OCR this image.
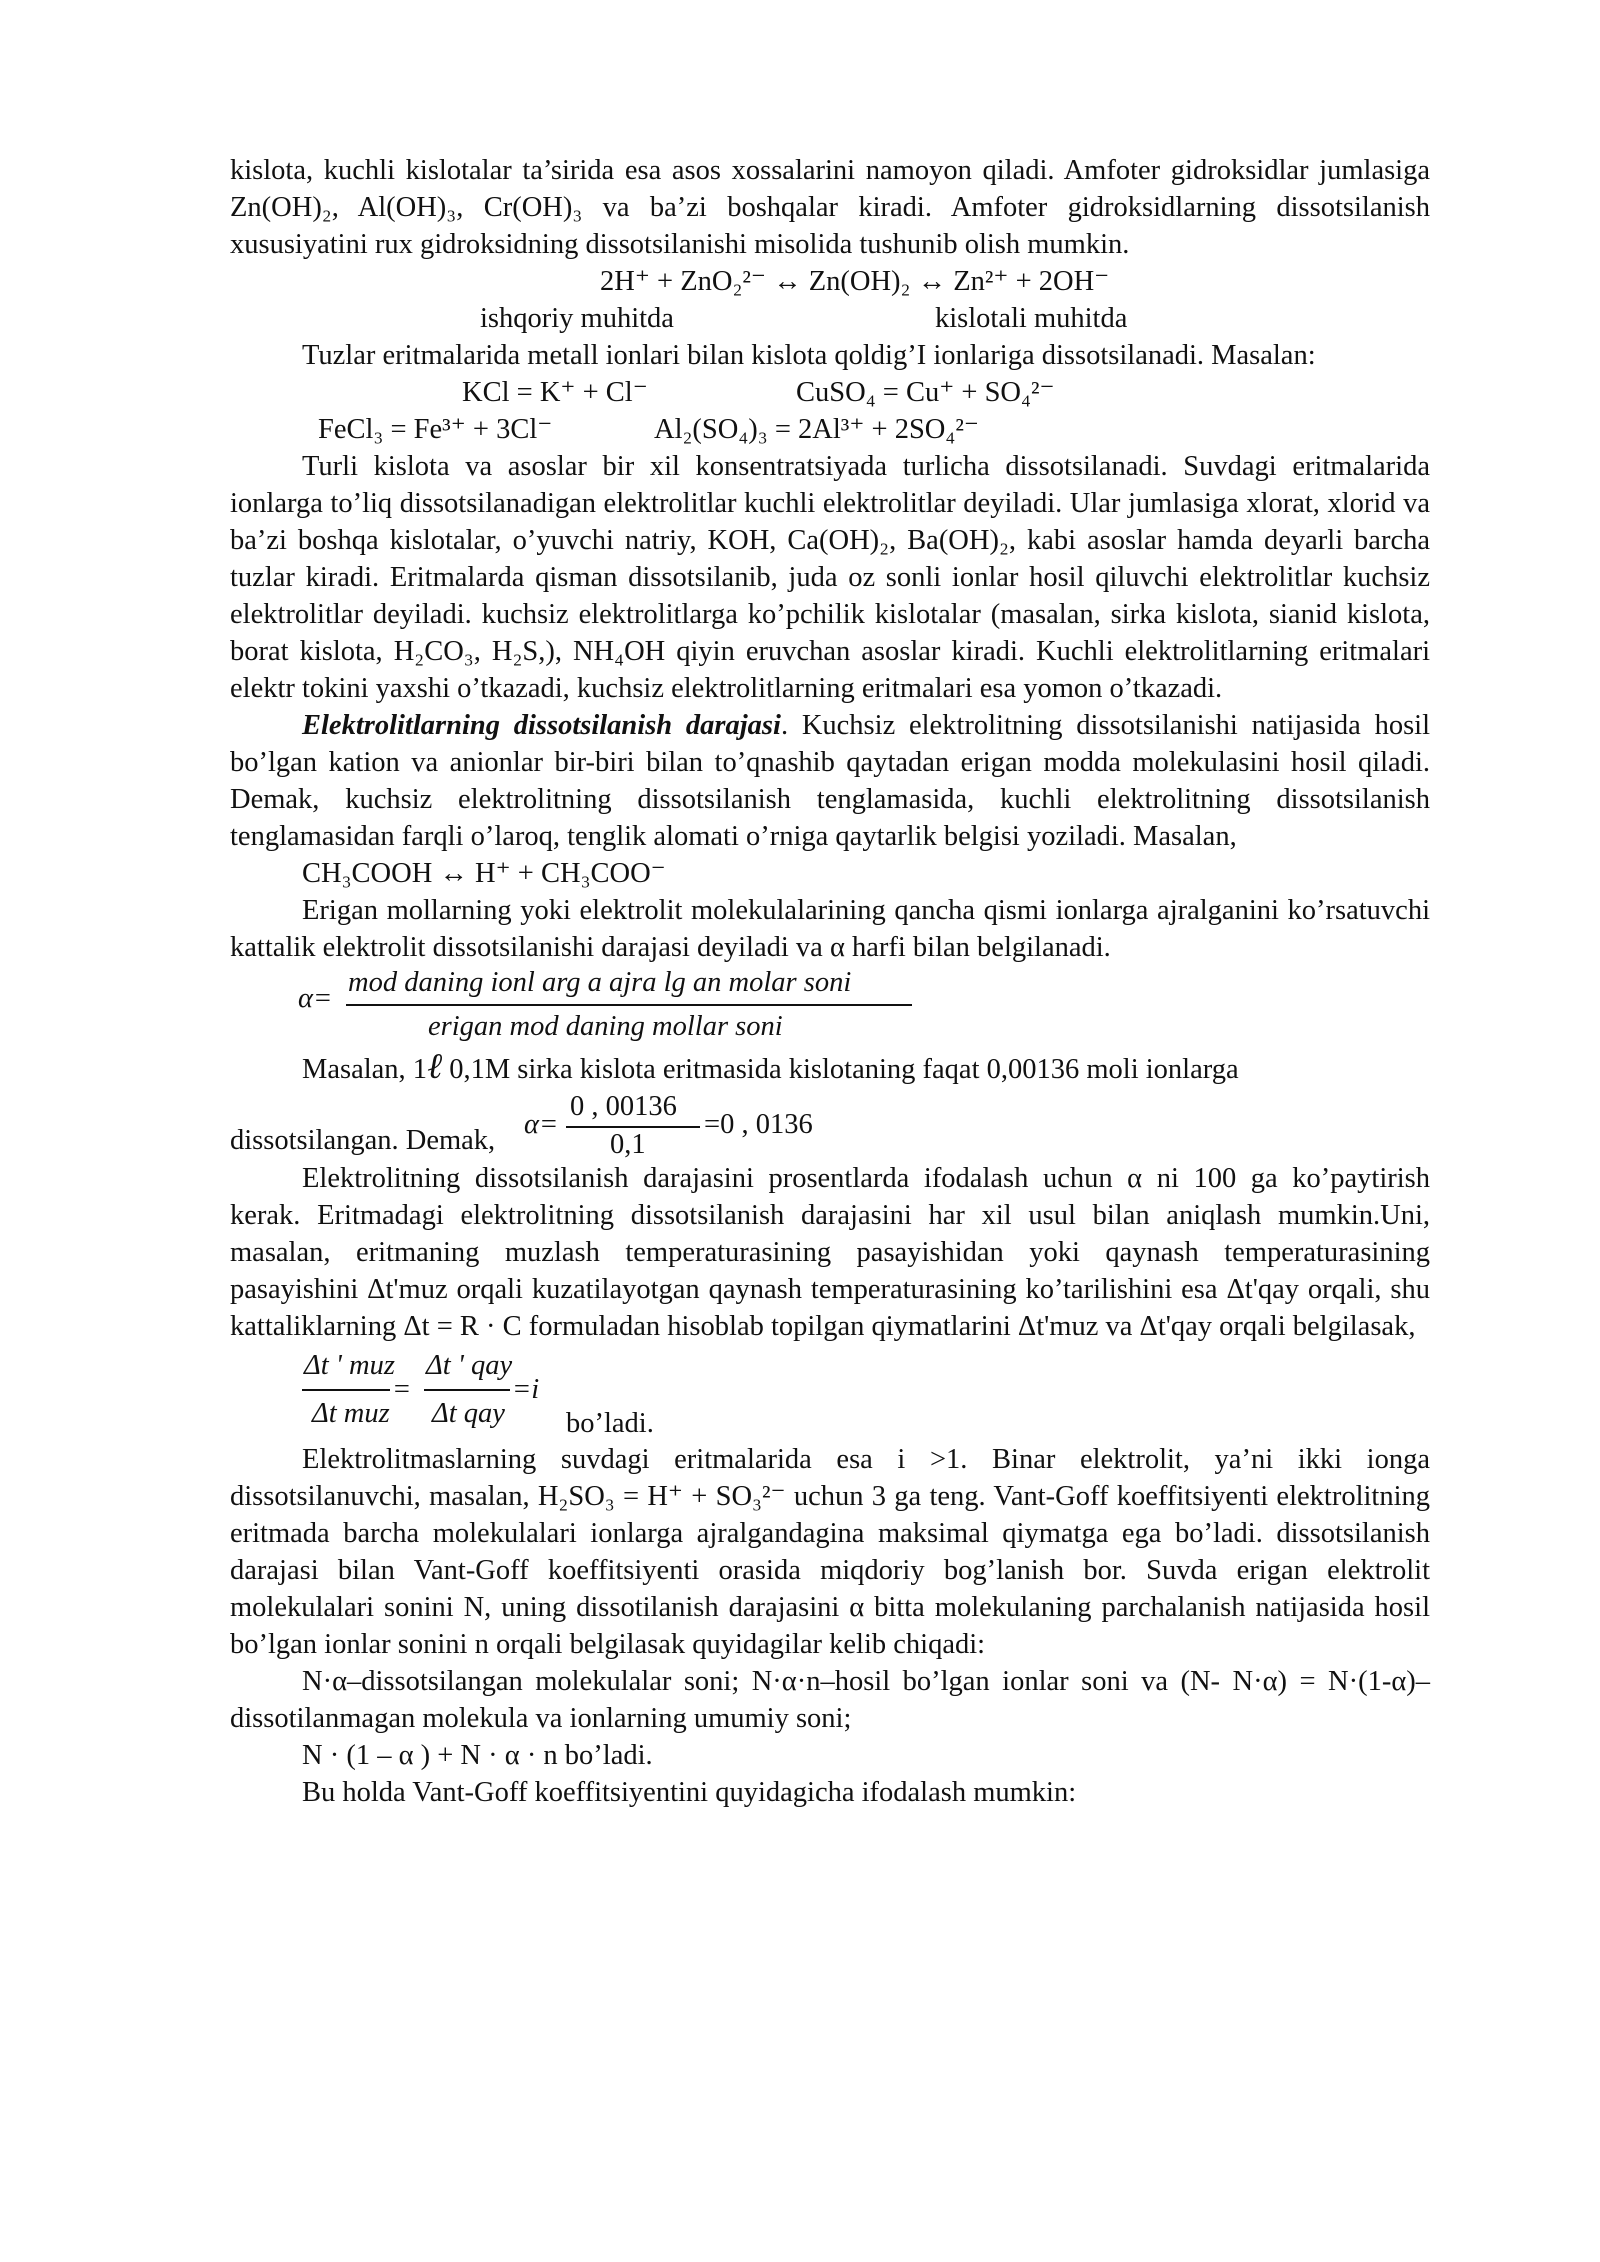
kislota, kuchli kislotalar ta’sirida esa asos xossalarini namoyon qiladi. Amfoter gidroksidlar jumlasiga Zn(OH)₂, Al(OH)₃, Cr(OH)₃ va ba’zi boshqalar kiradi. Amfoter gidroksidlarning dissotsilanish xususiyatini rux gidroksidning dissotsilanishi misolida tushunib olish mumkin.

2H⁺ + ZnO₂²⁻ ↔ Zn(OH)₂ ↔ Zn²⁺ + 2OH⁻
ishqoriy muhitda	kislotali muhitda

Tuzlar eritmalarida metall ionlari bilan kislota qoldig’I ionlariga dissotsilanadi. Masalan:

KCl = K⁺ + Cl⁻	CuSO₄ = Cu⁺ + SO₄²⁻
FeCl₃ = Fe³⁺ + 3Cl⁻	Al₂(SO₄)₃ = 2Al³⁺ + 2SO₄²⁻

Turli kislota va asoslar bir xil konsentratsiyada turlicha dissotsilanadi. Suvdagi eritmalarida ionlarga to’liq dissotsilanadigan elektrolitlar kuchli elektrolitlar deyiladi. Ular jumlasiga xlorat, xlorid va ba’zi boshqa kislotalar, o’yuvchi natriy, KOH, Ca(OH)₂, Ba(OH)₂, kabi asoslar hamda deyarli barcha tuzlar kiradi. Eritmalarda qisman dissotsilanib, juda oz sonli ionlar hosil qiluvchi elektrolitlar kuchsiz elektrolitlar deyiladi. kuchsiz elektrolitlarga ko’pchilik kislotalar (masalan, sirka kislota, sianid kislota, borat kislota, H₂CO₃, H₂S,), NH₄OH qiyin eruvchan asoslar kiradi. Kuchli elektrolitlarning eritmalari elektr tokini yaxshi o’tkazadi, kuchsiz elektrolitlarning eritmalari esa yomon o’tkazadi.

Elektrolitlarning dissotsilanish darajasi. Kuchsiz elektrolitning dissotsilanishi natijasida hosil bo’lgan kation va anionlar bir-biri bilan to’qnashib qaytadan erigan modda molekulasini hosil qiladi. Demak, kuchsiz elektrolitning dissotsilanish tenglamasida, kuchli elektrolitning dissotsilanish tenglamasidan farqli o’laroq, tenglik alomati o’rniga qaytarlik belgisi yoziladi. Masalan,

CH₃COOH ↔ H⁺ + CH₃COO⁻

Erigan mollarning yoki elektrolit molekulalarining qancha qismi ionlarga ajralganini ko’rsatuvchi kattalik elektrolit dissotsilanishi darajasi deyiladi va α harfi bilan belgilanadi.

α=
mod daning ionl arg a ajra lg an molar soni
erigan mod daning mollar soni

Masalan, 1ℓ 0,1M sirka kislota eritmasida kislotaning faqat 0,00136 moli ionlarga

dissotsilangan. Demak,
α=
0 , 00136
0,1
=0 , 0136

Elektrolitning dissotsilanish darajasini prosentlarda ifodalash uchun α ni 100 ga ko’paytirish kerak. Eritmadagi elektrolitning dissotsilanish darajasini har xil usul bilan aniqlash mumkin.Uni, masalan, eritmaning muzlash temperaturasining pasayishidan yoki qaynash temperaturasining pasayishini Δt'muz orqali kuzatilayotgan qaynash temperaturasining ko’tarilishini esa Δt'qay orqali, shu kattaliklarning Δt = R · C formuladan hisoblab topilgan qiymatlarini Δt'muz va Δt'qay orqali belgilasak,

Δt ' muz
Δt muz
=
Δt ' qay
Δt qay
=i
bo’ladi.

Elektrolitmaslarning suvdagi eritmalarida esa i >1. Binar elektrolit, ya’ni ikki ionga dissotsilanuvchi, masalan, H₂SO₃ = H⁺ + SO₃²⁻ uchun 3 ga teng. Vant-Goff koeffitsiyenti elektrolitning eritmada barcha molekulalari ionlarga ajralgandagina maksimal qiymatga ega bo’ladi. dissotsilanish darajasi bilan Vant-Goff koeffitsiyenti orasida miqdoriy bog’lanish bor. Suvda erigan elektrolit molekulalari sonini N, uning dissotilanish darajasini α bitta molekulaning parchalanish natijasida hosil bo’lgan ionlar sonini n orqali belgilasak quyidagilar kelib chiqadi:

N·α–dissotsilangan molekulalar soni; N·α·n–hosil bo’lgan ionlar soni va (N- N·α) = N·(1-α)–dissotilanmagan molekula va ionlarning umumiy soni;

N · (1 – α ) + N · α · n bo’ladi.

Bu holda Vant-Goff koeffitsiyentini quyidagicha ifodalash mumkin:
